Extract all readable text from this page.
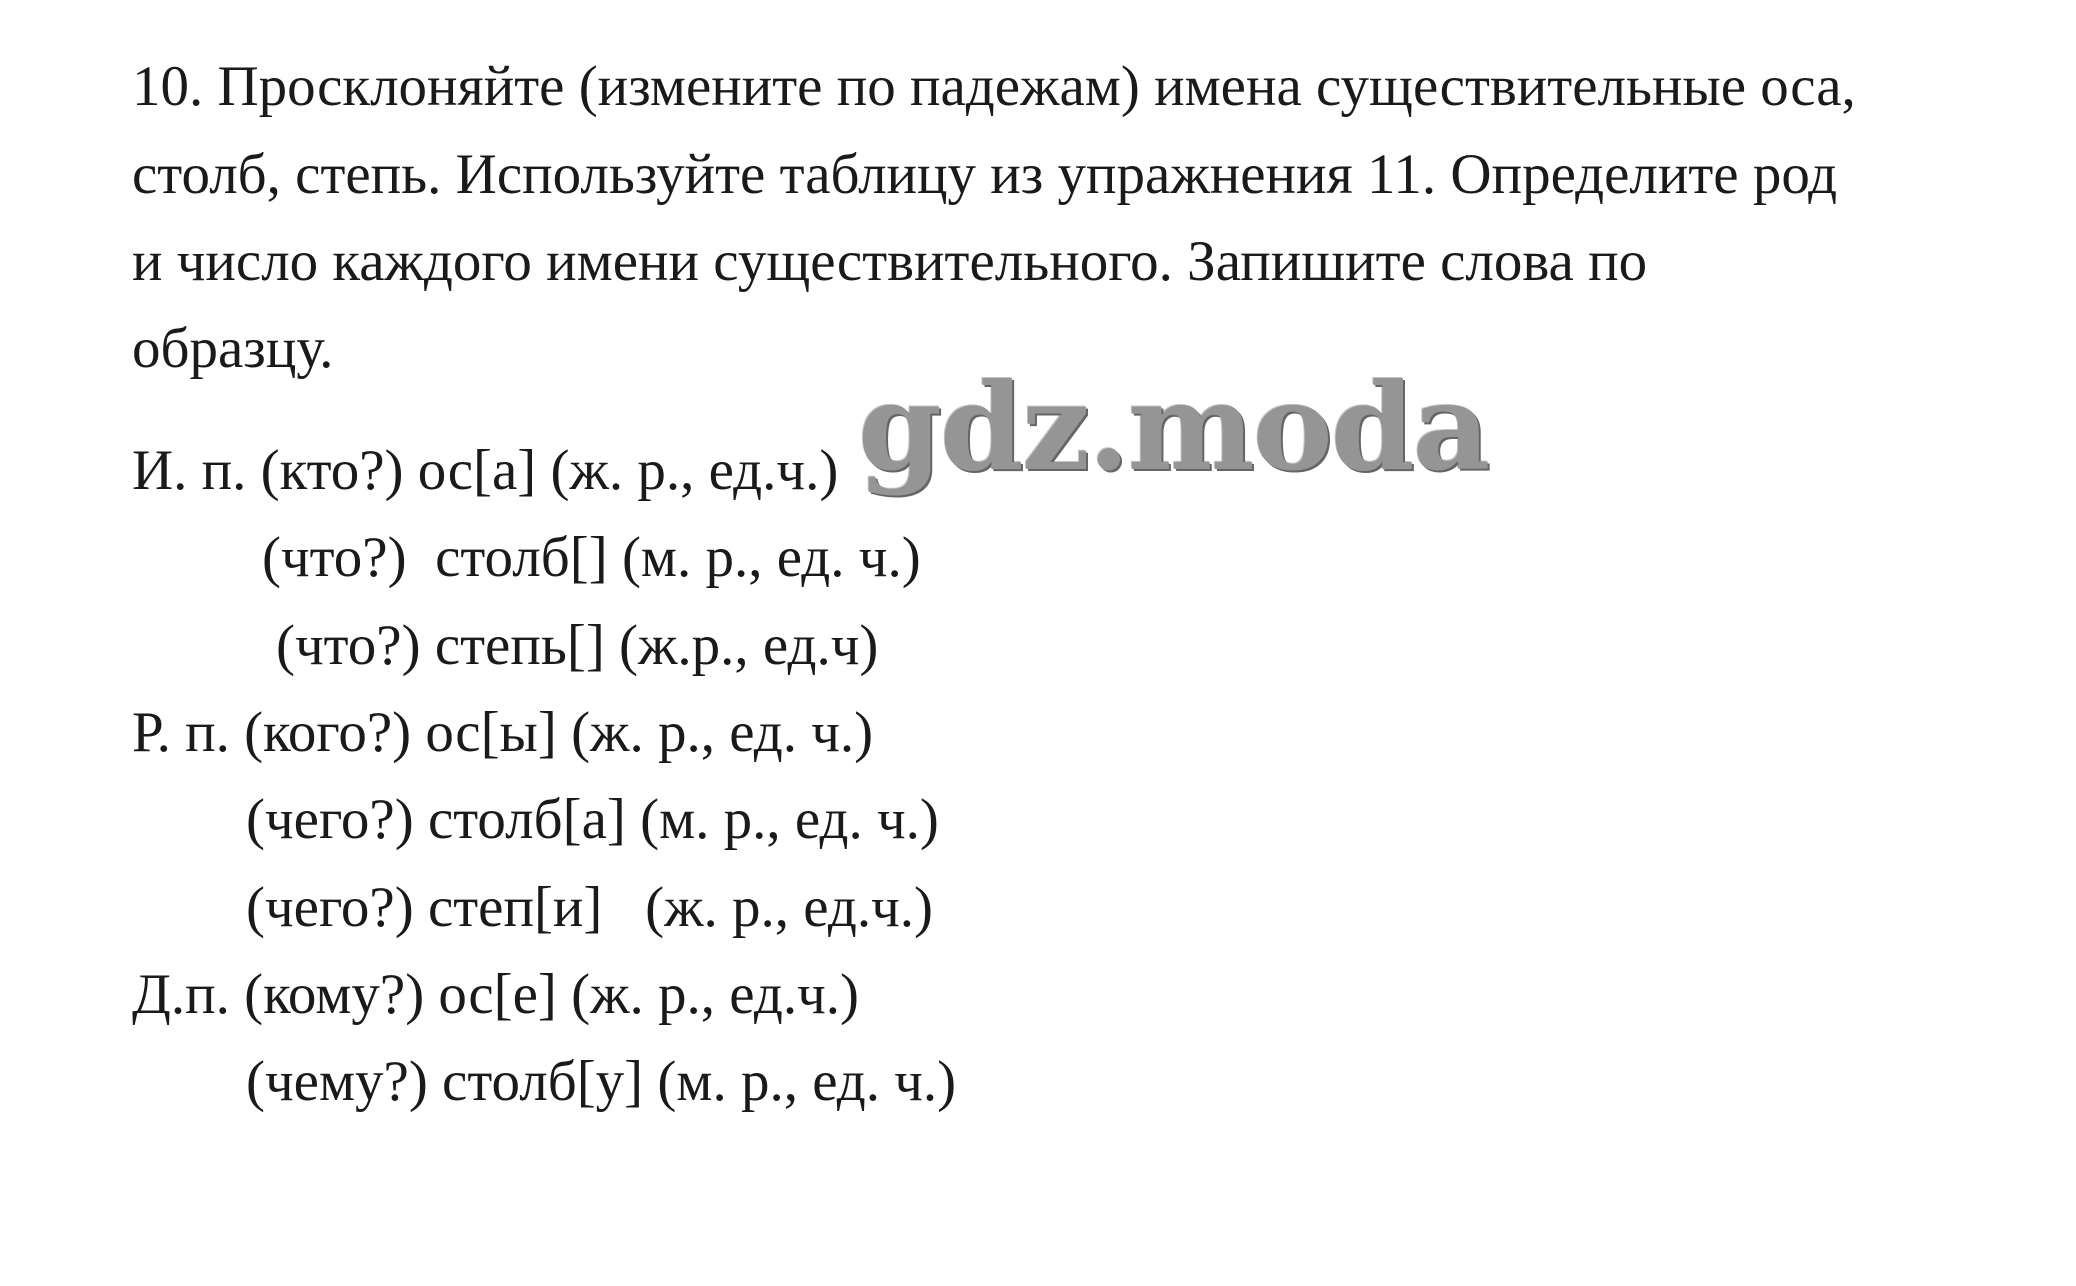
10. Просклоняйте (измените по падежам) имена существительные оса,
столб, степь. Используйте таблицу из упражнения 11. Определите род
и число каждого имени существительного. Запишите слова по
образцу.
И. п. (кто?) ос[а] (ж. р., ед.ч.)
(что?)  столб[] (м. р., ед. ч.)
(что?) степь[] (ж.р., ед.ч)
Р. п. (кого?) ос[ы] (ж. р., ед. ч.)
(чего?) столб[а] (м. р., ед. ч.)
(чего?) степ[и]   (ж. р., ед.ч.)
Д.п. (кому?) ос[е] (ж. р., ед.ч.)
(чему?) столб[у] (м. р., ед. ч.)
gdz.moda
